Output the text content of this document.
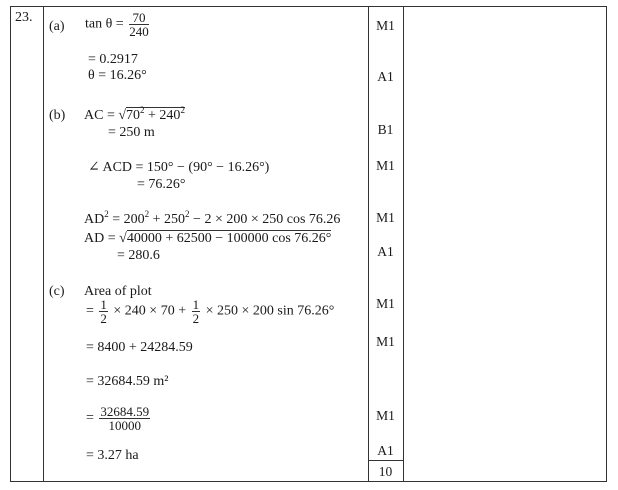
23.
(a) $\tan \theta = \frac{70}{240}$
= 0.2917
θ = 16.26°
(b) AC = $√70^2 + 240^2$
= 250 m
∠ ACD = 150° − (90° − 16.26°)
= 76.26°
$AD^2 = 200^2 + 250^2 - 2 \times 200 \times 250$ cos 76.26
AD = √40000 + 62500 − 100000 cos 76.26°
= 280.6
(c) Area of plot
= $\frac{1}{2} \times 240 \times 70 + \frac{1}{2} \times 250 \times 200$ sin 76.26°
= 8400 + 24284.59
= 32684.59 m²
= $\frac{32684.59}{10000}$
= 3.27 ha
M1
A1
B1
M1
M1
A1
M1
M1
M1
A1
10
